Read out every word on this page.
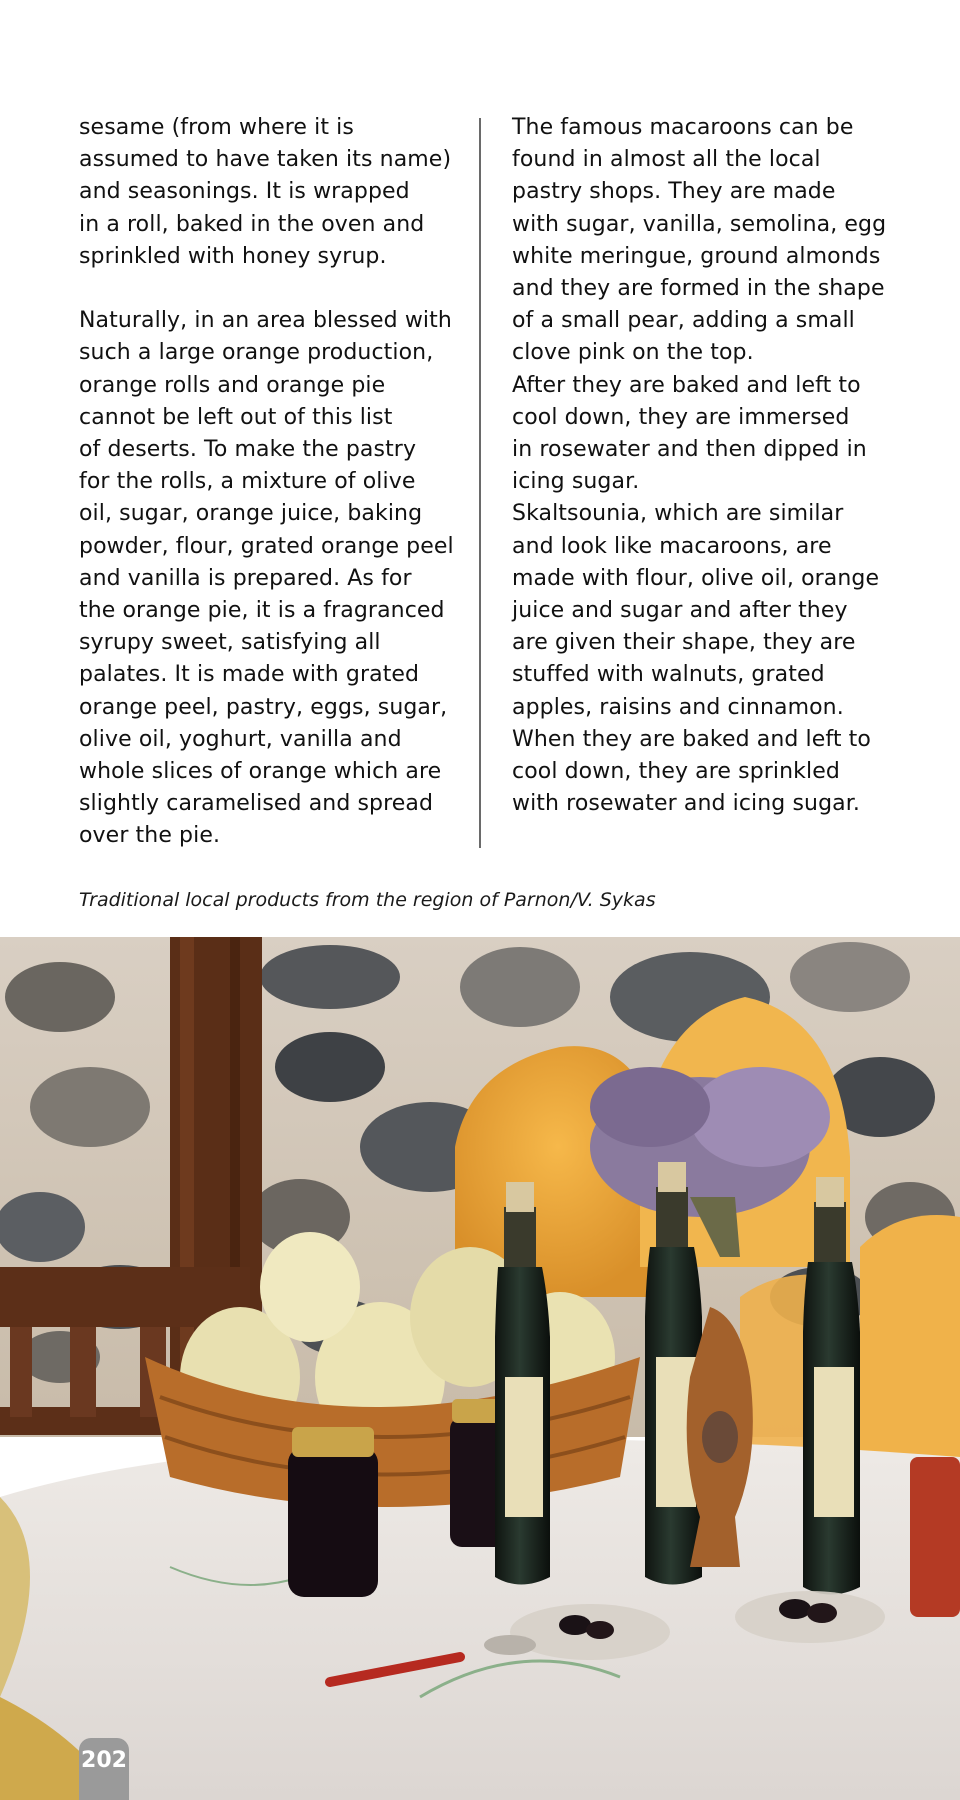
sesame (from where it is
assumed to have taken its name)
and seasonings. It is wrapped
in a roll, baked in the oven and
sprinkled with honey syrup.
Naturally, in an area blessed with
such a large orange production,
orange rolls and orange pie
cannot be left out of this list
of deserts. To make the pastry
for the rolls, a mixture of olive
oil, sugar, orange juice, baking
powder, flour, grated orange peel
and vanilla is prepared. As for
the orange pie, it is a fragranced
syrupy sweet, satisfying all
palates. It is made with grated
orange peel, pastry, eggs, sugar,
olive oil, yoghurt, vanilla and
whole slices of orange which are
slightly caramelised and spread
over the pie.
The famous macaroons can be
found in almost all the local
pastry shops. They are made
with sugar, vanilla, semolina, egg
white meringue, ground almonds
and they are formed in the shape
of a small pear, adding a small
clove pink on the top.
After they are baked and left to
cool down, they are immersed
in rosewater and then dipped in
icing sugar.
Skaltsounia, which are similar
and look like macaroons, are
made with flour, olive oil, orange
juice and sugar and after they
are given their shape, they are
stuffed with walnuts, grated
apples, raisins and cinnamon.
When they are baked and left to
cool down, they are sprinkled
with rosewater and icing sugar.
Traditional local products from the region of Parnon/V. Sykas
202
